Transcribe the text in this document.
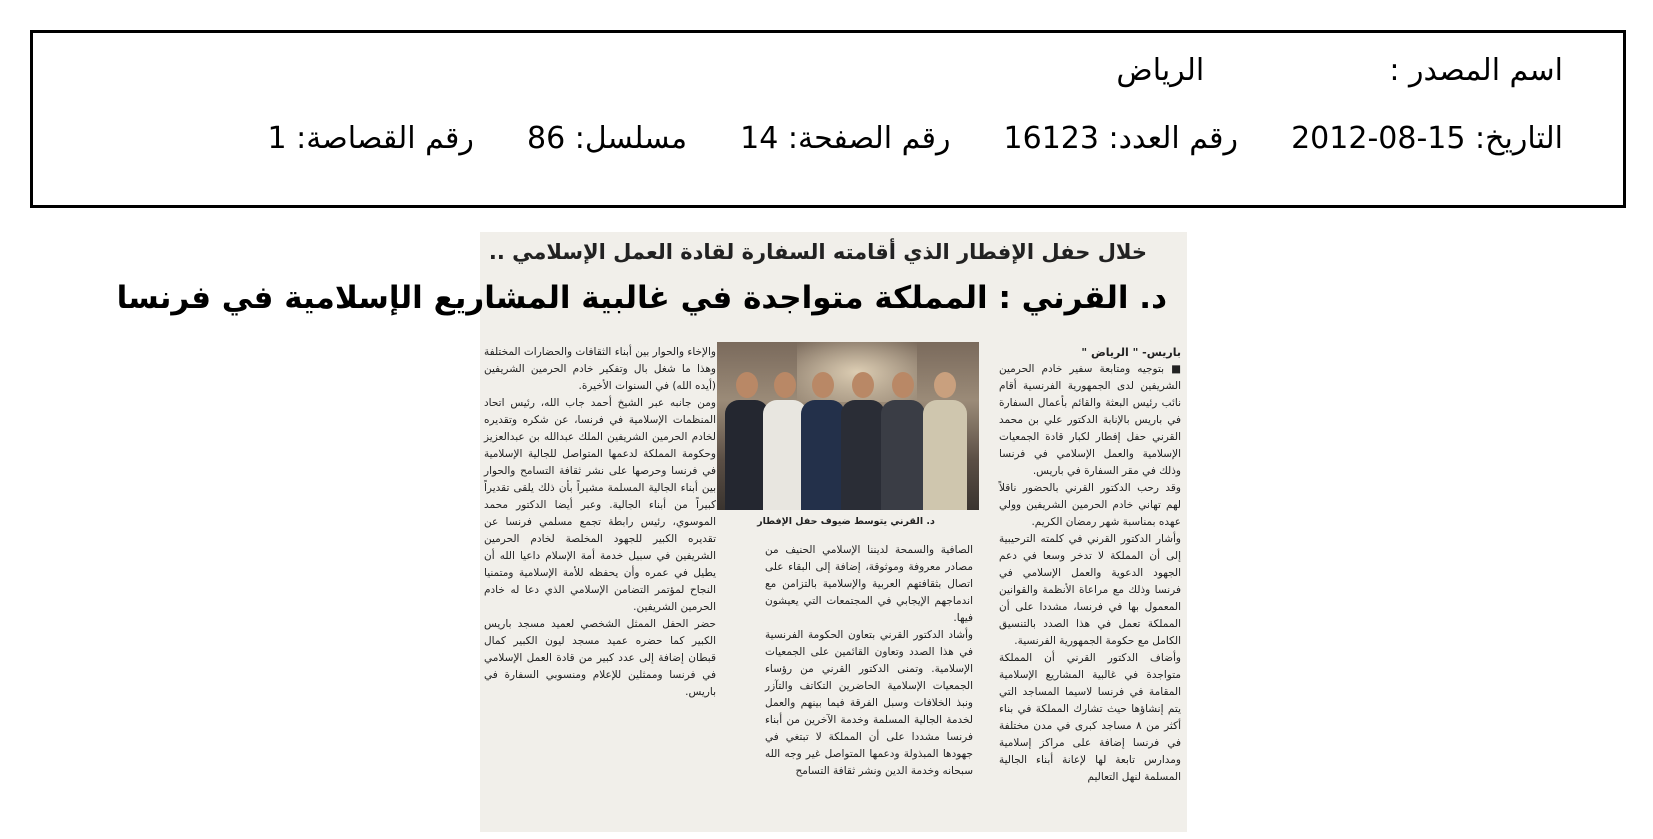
اسم المصدر : الرياض
التاريخ: 15-08-2012 رقم العدد: 16123 رقم الصفحة: 14 مسلسل: 86 رقم القصاصة: 1
خلال حفل الإفطار الذي أقامته السفارة لقادة العمل الإسلامي ..
د. القرني : المملكة متواجدة في غالبية المشاريع الإسلامية في فرنسا

باريس- " الرياض "

■ بتوجيه ومتابعة سفير خادم الحرمين الشريفين لدى الجمهورية الفرنسية أقام نائب رئيس البعثة والقائم بأعمال السفارة في باريس بالإنابة الدكتور علي بن محمد القرني حفل إفطار لكبار قادة الجمعيات الإسلامية والعمل الإسلامي في فرنسا وذلك في مقر السفارة في باريس.

وقد رحب الدكتور القرني بالحضور ناقلاً لهم تهاني خادم الحرمين الشريفين وولي عهده بمناسبة شهر رمضان الكريم.

وأشار الدكتور القرني في كلمته الترحيبية إلى أن المملكة لا تدخر وسعا في دعم الجهود الدعوية والعمل الإسلامي في فرنسا وذلك مع مراعاة الأنظمة والقوانين المعمول بها في فرنسا، مشددا على أن المملكة تعمل في هذا الصدد بالتنسيق الكامل مع حكومة الجمهورية الفرنسية.

وأضاف الدكتور القرني أن المملكة متواجدة في غالبية المشاريع الإسلامية المقامة في فرنسا لاسيما المساجد التي يتم إنشاؤها حيث تشارك المملكة في بناء أكثر من ٨ مساجد كبرى في مدن مختلفة في فرنسا إضافة على مراكز إسلامية ومدارس تابعة لها لإعانة أبناء الجالية المسلمة لنهل التعاليم

د. القرني يتوسط ضيوف حفل الإفطار

الصافية والسمحة لديننا الإسلامي الحنيف من مصادر معروفة وموثوقة، إضافة إلى البقاء على اتصال بثقافتهم العربية والإسلامية بالتزامن مع اندماجهم الإيجابي في المجتمعات التي يعيشون فيها.

وأشاد الدكتور القرني بتعاون الحكومة الفرنسية في هذا الصدد وتعاون القائمين على الجمعيات الإسلامية. وتمنى الدكتور القرني من رؤساء الجمعيات الإسلامية الحاضرين التكاتف والتآزر ونبذ الخلافات وسبل الفرقة فيما بينهم والعمل لخدمة الجالية المسلمة وخدمة الآخرين من أبناء فرنسا مشددا على أن المملكة لا تبتغي في جهودها المبذولة ودعمها المتواصل غير وجه الله سبحانه وخدمة الدين ونشر ثقافة التسامح

والإخاء والحوار بين أبناء الثقافات والحضارات المختلفة وهذا ما شغل بال وتفكير خادم الحرمين الشريفين (أيده الله) في السنوات الأخيرة.

ومن جانبه عبر الشيخ أحمد جاب الله، رئيس اتحاد المنظمات الإسلامية في فرنسا، عن شكره وتقديره لخادم الحرمين الشريفين الملك عبدالله بن عبدالعزيز وحكومة المملكة لدعمها المتواصل للجالية الإسلامية في فرنسا وحرصها على نشر ثقافة التسامح والحوار بين أبناء الجالية المسلمة مشيراً بأن ذلك يلقى تقديراً كبيراً من أبناء الجالية. وعبر أيضا الدكتور محمد الموسوي، رئيس رابطة تجمع مسلمي فرنسا عن تقديره الكبير للجهود المخلصة لخادم الحرمين الشريفين في سبيل خدمة أمة الإسلام داعيا الله أن يطيل في عمره وأن يحفظه للأمة الإسلامية ومتمنيا النجاح لمؤتمر التضامن الإسلامي الذي دعا له خادم الحرمين الشريفين.

حضر الحفل الممثل الشخصي لعميد مسجد باريس الكبير كما حضره عميد مسجد ليون الكبير كمال قبطان إضافة إلى عدد كبير من قادة العمل الإسلامي في فرنسا وممثلين للإعلام ومنسوبي السفارة في باريس.
